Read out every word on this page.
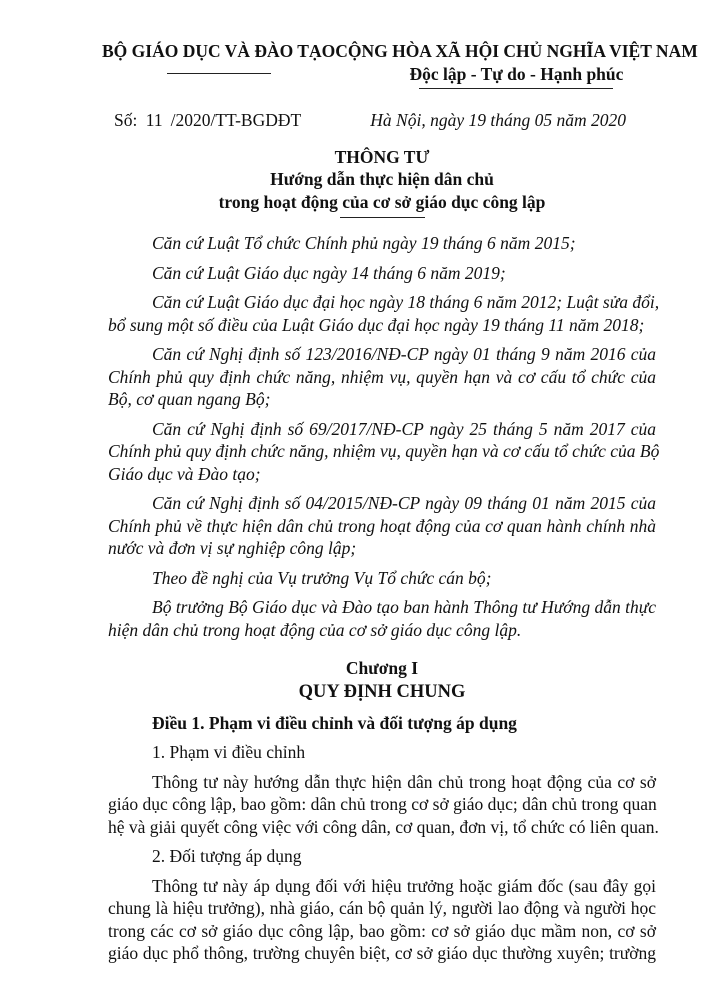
BỘ GIÁO DỤC VÀ ĐÀO TẠO CỘNG HÒA XÃ HỘI CHỦ NGHĨA VIỆT NAM
Độc lập - Tự do - Hạnh phúc
Số: 11 /2020/TT-BGDĐT	Hà Nội, ngày 19 tháng 05 năm 2020
THÔNG TƯ
Hướng dẫn thực hiện dân chủ
trong hoạt động của cơ sở giáo dục công lập
Căn cứ Luật Tổ chức Chính phủ ngày 19 tháng 6 năm 2015;
Căn cứ Luật Giáo dục ngày 14 tháng 6 năm 2019;
Căn cứ Luật Giáo dục đại học ngày 18 tháng 6 năm 2012; Luật sửa đổi,
bổ sung một số điều của Luật Giáo dục đại học ngày 19 tháng 11 năm 2018;
Căn cứ Nghị định số 123/2016/NĐ-CP ngày 01 tháng 9 năm 2016 của
Chính phủ quy định chức năng, nhiệm vụ, quyền hạn và cơ cấu tổ chức của
Bộ, cơ quan ngang Bộ;
Căn cứ Nghị định số 69/2017/NĐ-CP ngày 25 tháng 5 năm 2017 của
Chính phủ quy định chức năng, nhiệm vụ, quyền hạn và cơ cấu tổ chức của Bộ
Giáo dục và Đào tạo;
Căn cứ Nghị định số 04/2015/NĐ-CP ngày 09 tháng 01 năm 2015 của
Chính phủ về thực hiện dân chủ trong hoạt động của cơ quan hành chính nhà
nước và đơn vị sự nghiệp công lập;
Theo đề nghị của Vụ trưởng Vụ Tổ chức cán bộ;
Bộ trưởng Bộ Giáo dục và Đào tạo ban hành Thông tư Hướng dẫn thực
hiện dân chủ trong hoạt động của cơ sở giáo dục công lập.
Chương I
QUY ĐỊNH CHUNG
Điều 1. Phạm vi điều chỉnh và đối tượng áp dụng
1. Phạm vi điều chỉnh
Thông tư này hướng dẫn thực hiện dân chủ trong hoạt động của cơ sở
giáo dục công lập, bao gồm: dân chủ trong cơ sở giáo dục; dân chủ trong quan
hệ và giải quyết công việc với công dân, cơ quan, đơn vị, tổ chức có liên quan.
2. Đối tượng áp dụng
Thông tư này áp dụng đối với hiệu trưởng hoặc giám đốc (sau đây gọi
chung là hiệu trưởng), nhà giáo, cán bộ quản lý, người lao động và người học
trong các cơ sở giáo dục công lập, bao gồm: cơ sở giáo dục mầm non, cơ sở
giáo dục phổ thông, trường chuyên biệt, cơ sở giáo dục thường xuyên; trường
